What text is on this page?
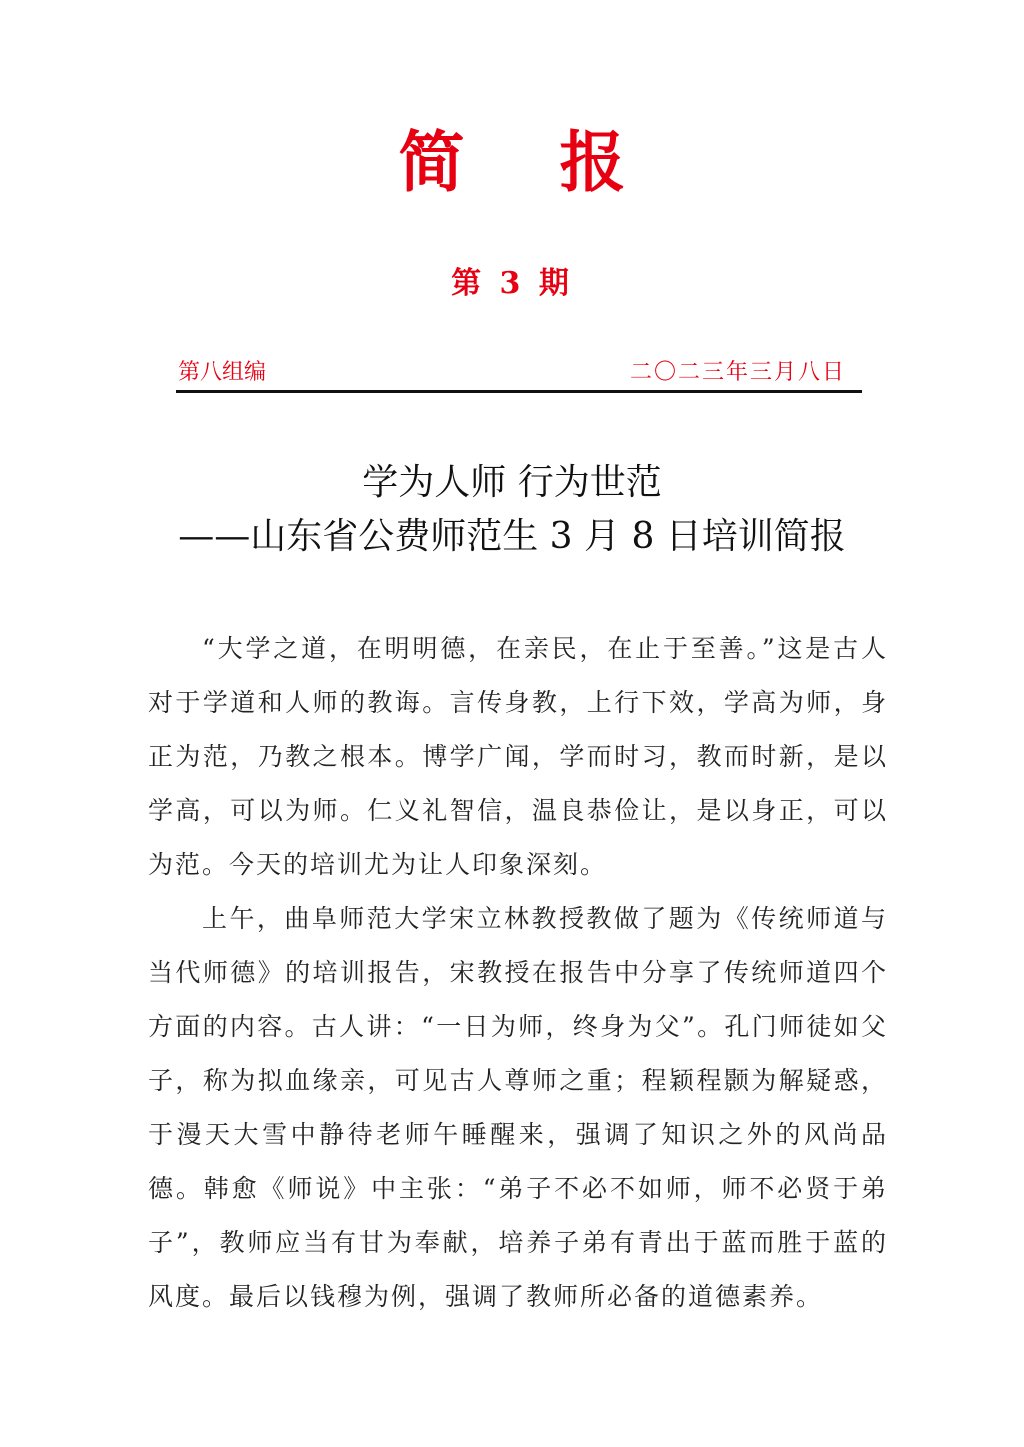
简 报
第 3 期
第八组编	二〇二三年三月八日
学为人师 行为世范
——山东省公费师范生 3 月 8 日培训简报

“大学之道，在明明德，在亲民，在止于至善。”这是古人对于学道和人师的教诲。言传身教，上行下效，学高为师，身正为范，乃教之根本。博学广闻，学而时习，教而时新，是以学高，可以为师。仁义礼智信，温良恭俭让，是以身正，可以为范。今天的培训尤为让人印象深刻。

上午，曲阜师范大学宋立林教授教做了题为《传统师道与当代师德》的培训报告，宋教授在报告中分享了传统师道四个方面的内容。古人讲：“一日为师，终身为父”。孔门师徒如父子，称为拟血缘亲，可见古人尊师之重；程颖程颢为解疑惑，于漫天大雪中静待老师午睡醒来，强调了知识之外的风尚品德。韩愈《师说》中主张：“弟子不必不如师，师不必贤于弟子”，教师应当有甘为奉献，培养子弟有青出于蓝而胜于蓝的风度。最后以钱穆为例，强调了教师所必备的道德素养。
